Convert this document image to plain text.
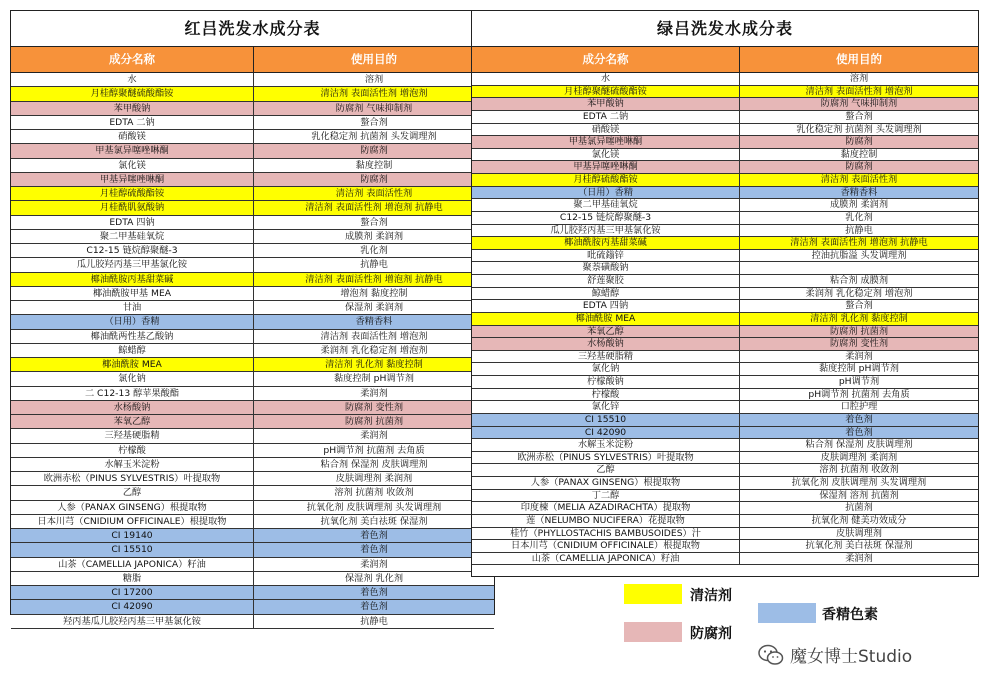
红吕洗发水成分表
成分名称	使用目的
水	溶剂
月桂醇聚醚硫酸酯铵	清洁剂 表面活性剂 增泡剂
苯甲酸钠	防腐剂 气味抑制剂
EDTA 二钠	螯合剂
硝酸镁	乳化稳定剂 抗菌剂 头发调理剂
甲基氯异噻唑啉酮	防腐剂
氯化镁	黏度控制
甲基异噻唑啉酮	防腐剂
月桂醇硫酸酯铵	清洁剂 表面活性剂
月桂酰肌氨酸钠	清洁剂 表面活性剂 增泡剂 抗静电
EDTA 四钠	螯合剂
聚二甲基硅氧烷	成膜剂 柔润剂
C12-15 链烷醇聚醚-3	乳化剂
瓜儿胶羟丙基三甲基氯化铵	抗静电
椰油酰胺丙基甜菜碱	清洁剂 表面活性剂 增泡剂 抗静电
椰油酰胺甲基 MEA	增泡剂 黏度控制
甘油	保湿剂 柔润剂
（日用）香精	香精香料
椰油酰两性基乙酸钠	清洁剂 表面活性剂 增泡剂
鲸蜡醇	柔润剂 乳化稳定剂 增泡剂
椰油酰胺 MEA	清洁剂 乳化剂 黏度控制
氯化钠	黏度控制 pH调节剂
二 C12-13 醇苹果酸酯	柔润剂
水杨酸钠	防腐剂 变性剂
苯氧乙醇	防腐剂 抗菌剂
三羟基硬脂精	柔润剂
柠檬酸	pH调节剂 抗菌剂 去角质
水解玉米淀粉	粘合剂 保湿剂 皮肤调理剂
欧洲赤松（PINUS SYLVESTRIS）叶提取物	皮肤调理剂 柔润剂
乙醇	溶剂 抗菌剂 收敛剂
人参（PANAX GINSENG）根提取物	抗氧化剂 皮肤调理剂 头发调理剂
日本川芎（CNIDIUM OFFICINALE）根提取物	抗氧化剂 美白祛斑 保湿剂
CI 19140	着色剂
CI 15510	着色剂
山茶（CAMELLIA JAPONICA）籽油	柔润剂
糖脂	保湿剂 乳化剂
CI 17200	着色剂
CI 42090	着色剂
羟丙基瓜儿胶羟丙基三甲基氯化铵	抗静电
绿吕洗发水成分表
成分名称	使用目的
水	溶剂
月桂醇聚醚硫酸酯铵	清洁剂 表面活性剂 增泡剂
苯甲酸钠	防腐剂 气味抑制剂
EDTA 二钠	螯合剂
硝酸镁	乳化稳定剂 抗菌剂 头发调理剂
甲基氯异噻唑啉酮	防腐剂
氯化镁	黏度控制
甲基异噻唑啉酮	防腐剂
月桂醇硫酸酯铵	清洁剂 表面活性剂
（日用）香精	香精香料
聚二甲基硅氧烷	成膜剂 柔润剂
C12-15 链烷醇聚醚-3	乳化剂
瓜儿胶羟丙基三甲基氯化铵	抗静电
椰油酰胺丙基甜菜碱	清洁剂 表面活性剂 增泡剂 抗静电
吡硫鎓锌	控油抗脂溢 头发调理剂
聚萘磺酸钠
舒莲聚胶	粘合剂 成膜剂
鲸蜡醇	柔润剂 乳化稳定剂 增泡剂
EDTA 四钠	螯合剂
椰油酰胺 MEA	清洁剂 乳化剂 黏度控制
苯氧乙醇	防腐剂 抗菌剂
水杨酸钠	防腐剂 变性剂
三羟基硬脂精	柔润剂
氯化钠	黏度控制 pH调节剂
柠檬酸钠	pH调节剂
柠檬酸	pH调节剂 抗菌剂 去角质
氯化锌	口腔护理
CI 15510	着色剂
CI 42090	着色剂
水解玉米淀粉	粘合剂 保湿剂 皮肤调理剂
欧洲赤松（PINUS SYLVESTRIS）叶提取物	皮肤调理剂 柔润剂
乙醇	溶剂 抗菌剂 收敛剂
人参（PANAX GINSENG）根提取物	抗氧化剂 皮肤调理剂 头发调理剂
丁二醇	保湿剂 溶剂 抗菌剂
印度楝（MELIA AZADIRACHTA）提取物	抗菌剂
莲（NELUMBO NUCIFERA）花提取物	抗氧化剂 健美功效成分
桂竹（PHYLLOSTACHIS BAMBUSOIDES）汁	皮肤调理剂
日本川芎（CNIDIUM OFFICINALE）根提取物	抗氧化剂 美白祛斑 保湿剂
山茶（CAMELLIA JAPONICA）籽油	柔润剂
清洁剂
香精色素
防腐剂
魔女博士Studio
